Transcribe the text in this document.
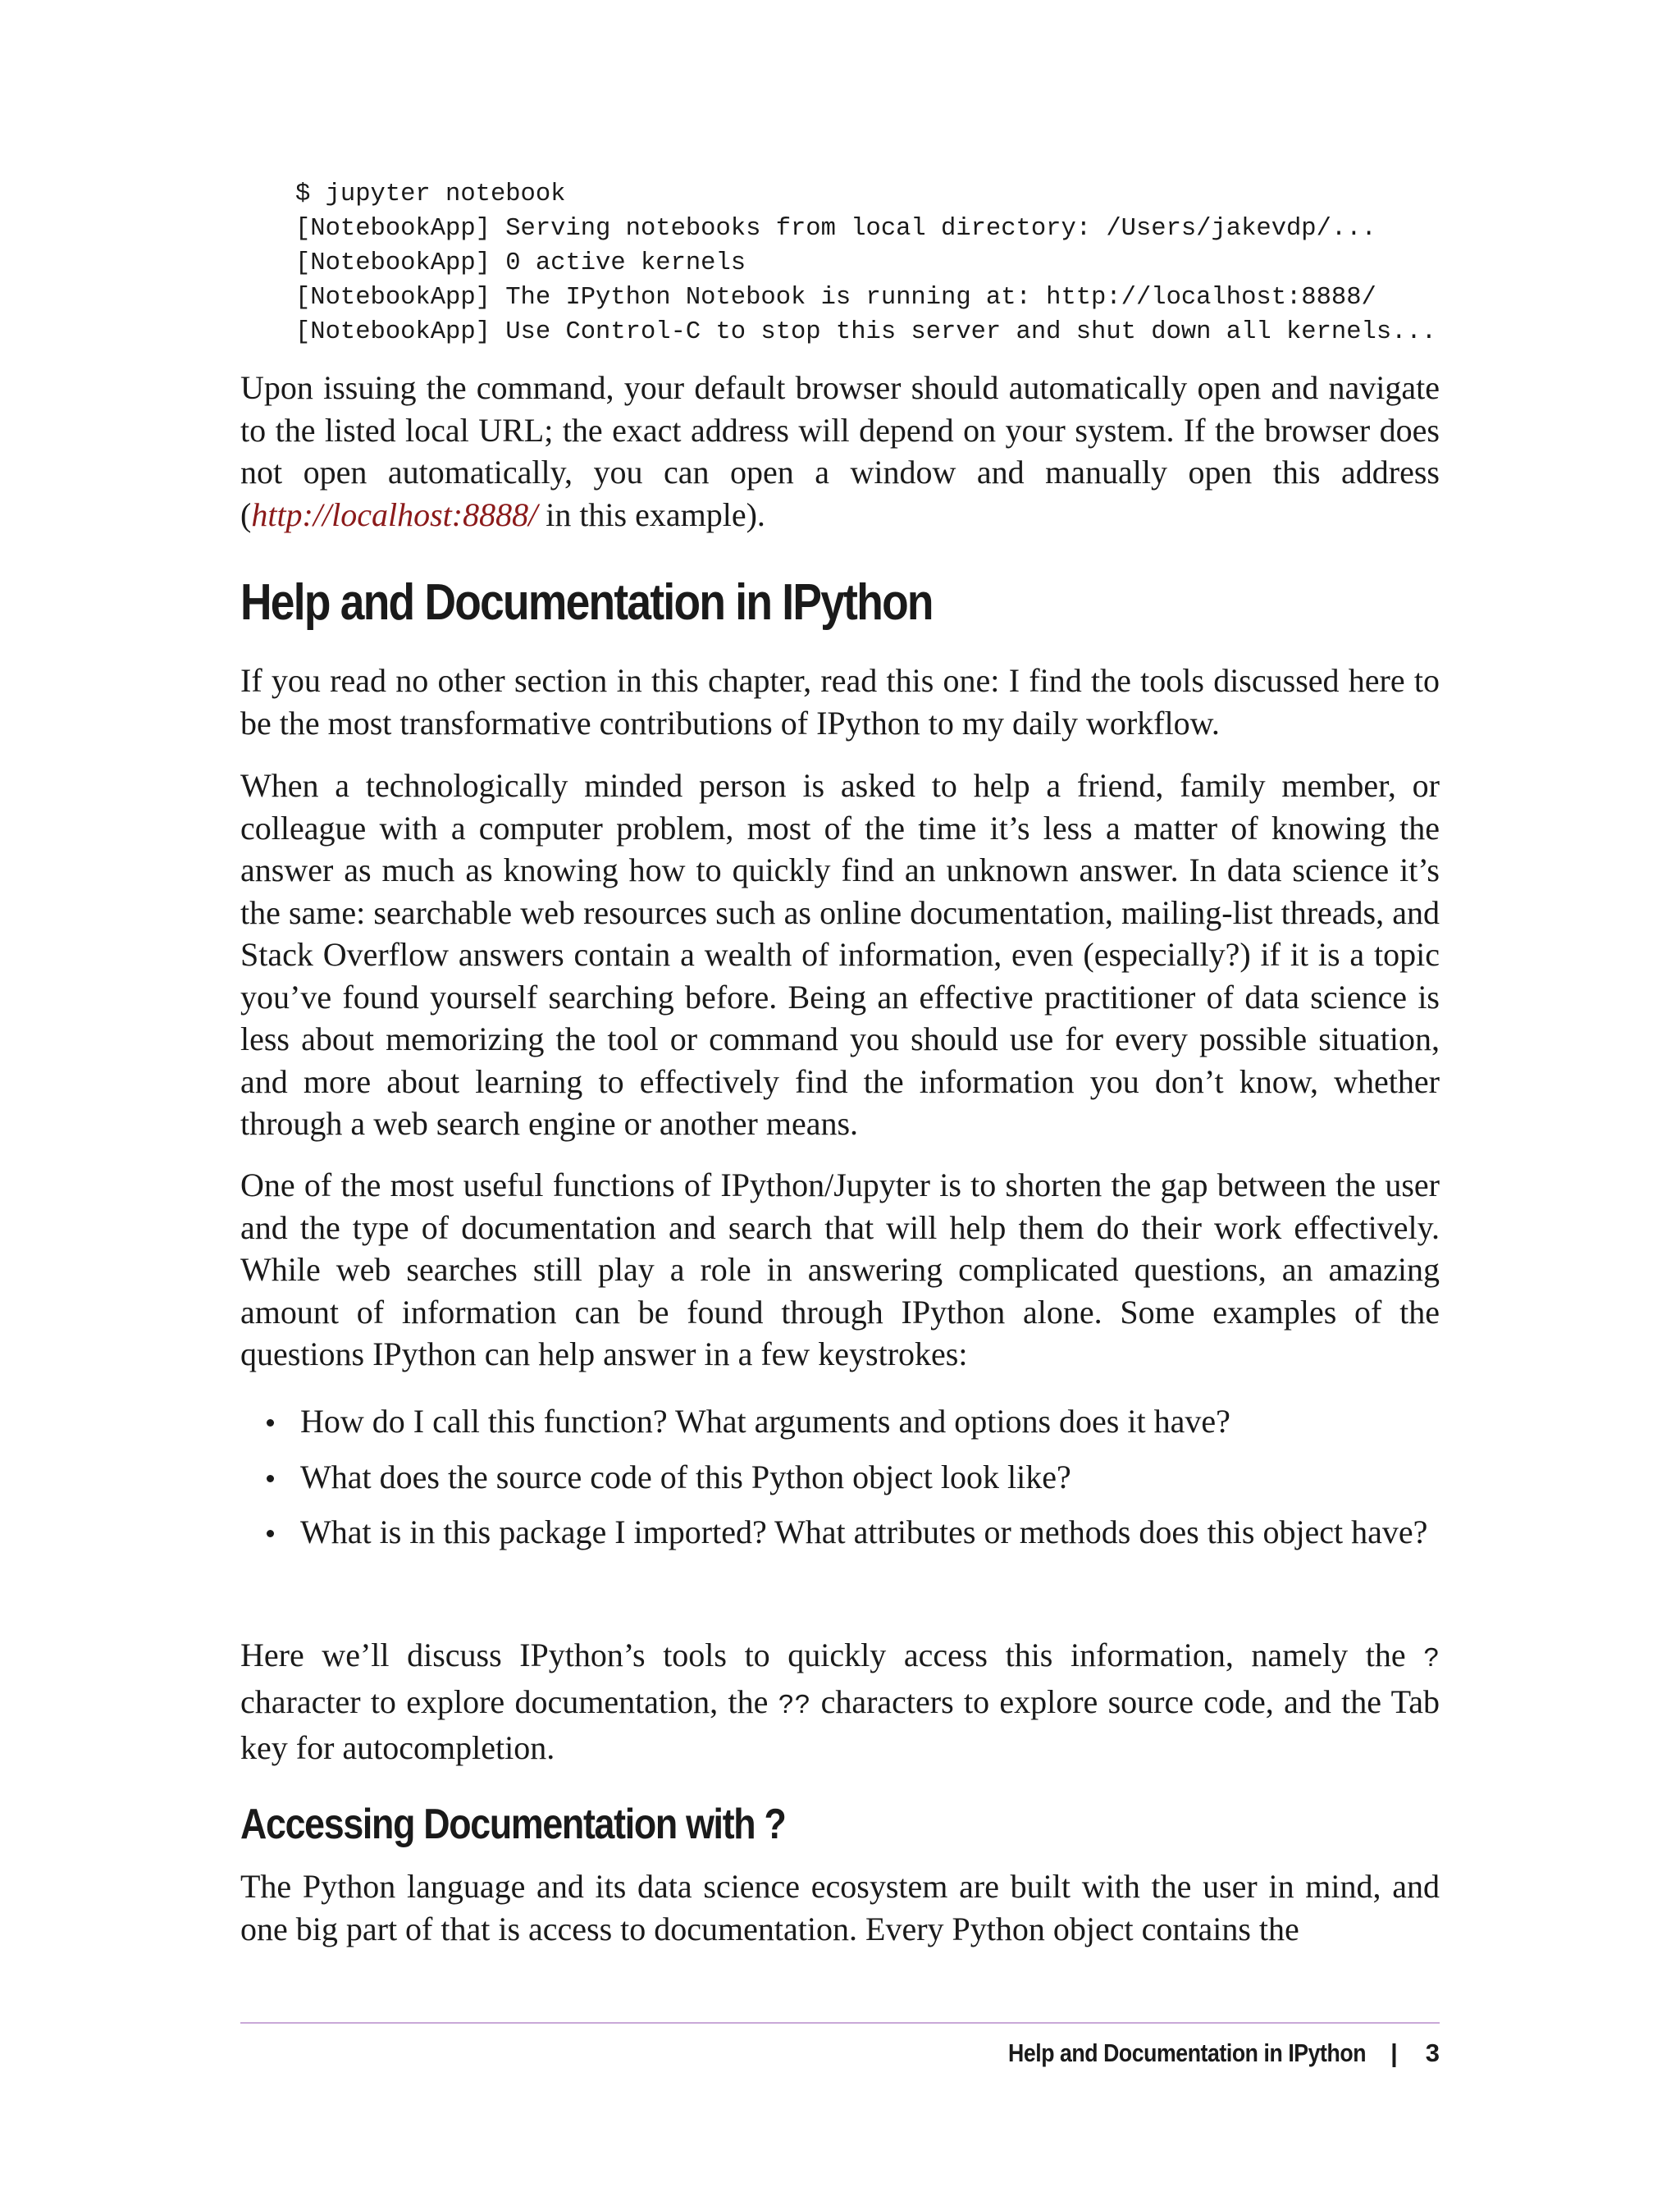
$ jupyter notebook
[NotebookApp] Serving notebooks from local directory: /Users/jakevdp/...
[NotebookApp] 0 active kernels
[NotebookApp] The IPython Notebook is running at: http://localhost:8888/
[NotebookApp] Use Control-C to stop this server and shut down all kernels...

Upon issuing the command, your default browser should automatically open and navigate to the listed local URL; the exact address will depend on your system. If the browser does not open automatically, you can open a window and manually open this address (http://localhost:8888/ in this example).

Help and Documentation in IPython

If you read no other section in this chapter, read this one: I find the tools discussed here to be the most transformative contributions of IPython to my daily workflow.

When a technologically minded person is asked to help a friend, family member, or colleague with a computer problem, most of the time it’s less a matter of knowing the answer as much as knowing how to quickly find an unknown answer. In data science it’s the same: searchable web resources such as online documentation, mailing-list threads, and Stack Overflow answers contain a wealth of information, even (especially?) if it is a topic you’ve found yourself searching before. Being an effective practitioner of data science is less about memorizing the tool or command you should use for every possible situation, and more about learning to effectively find the information you don’t know, whether through a web search engine or another means.

One of the most useful functions of IPython/Jupyter is to shorten the gap between the user and the type of documentation and search that will help them do their work effectively. While web searches still play a role in answering complicated questions, an amazing amount of information can be found through IPython alone. Some examples of the questions IPython can help answer in a few keystrokes:

How do I call this function? What arguments and options does it have?
What does the source code of this Python object look like?
What is in this package I imported? What attributes or methods does this object have?

Here we’ll discuss IPython’s tools to quickly access this information, namely the ? character to explore documentation, the ?? characters to explore source code, and the Tab key for autocompletion.

Accessing Documentation with ?

The Python language and its data science ecosystem are built with the user in mind, and one big part of that is access to documentation. Every Python object contains the

Help and Documentation in IPython | 3
